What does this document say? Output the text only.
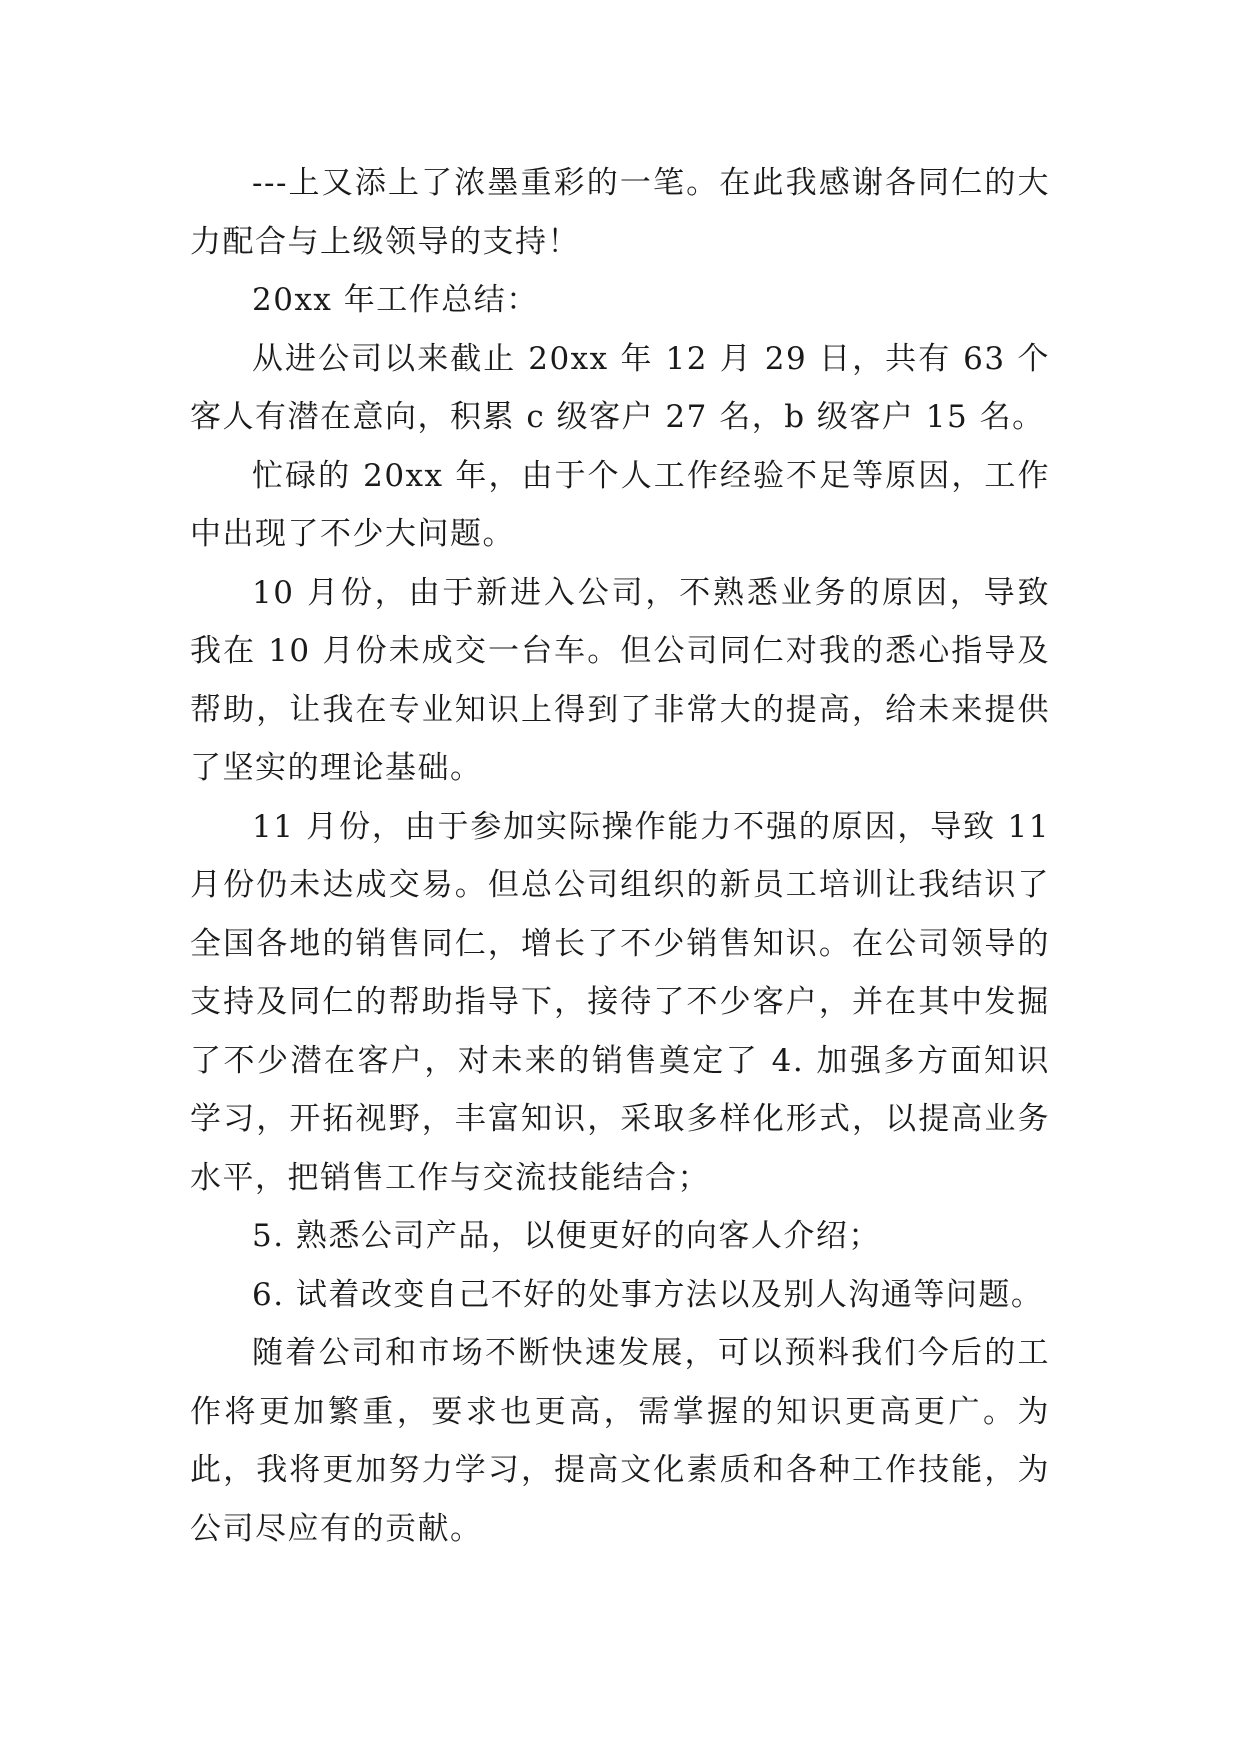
---上又添上了浓墨重彩的一笔。在此我感谢各同仁的大力配合与上级领导的支持！

20xx 年工作总结：

从进公司以来截止 20xx 年 12 月 29 日，共有 63 个客人有潜在意向，积累 c 级客户 27 名，b 级客户 15 名。

忙碌的 20xx 年，由于个人工作经验不足等原因，工作中出现了不少大问题。

10 月份，由于新进入公司，不熟悉业务的原因，导致我在 10 月份未成交一台车。但公司同仁对我的悉心指导及帮助，让我在专业知识上得到了非常大的提高，给未来提供了坚实的理论基础。

11 月份，由于参加实际操作能力不强的原因，导致 11 月份仍未达成交易。但总公司组织的新员工培训让我结识了全国各地的销售同仁，增长了不少销售知识。在公司领导的支持及同仁的帮助指导下，接待了不少客户，并在其中发掘了不少潜在客户，对未来的销售奠定了 4. 加强多方面知识学习，开拓视野，丰富知识，采取多样化形式，以提高业务水平，把销售工作与交流技能结合；

5. 熟悉公司产品，以便更好的向客人介绍；

6. 试着改变自己不好的处事方法以及别人沟通等问题。

随着公司和市场不断快速发展，可以预料我们今后的工作将更加繁重，要求也更高，需掌握的知识更高更广。为此，我将更加努力学习，提高文化素质和各种工作技能，为公司尽应有的贡献。
